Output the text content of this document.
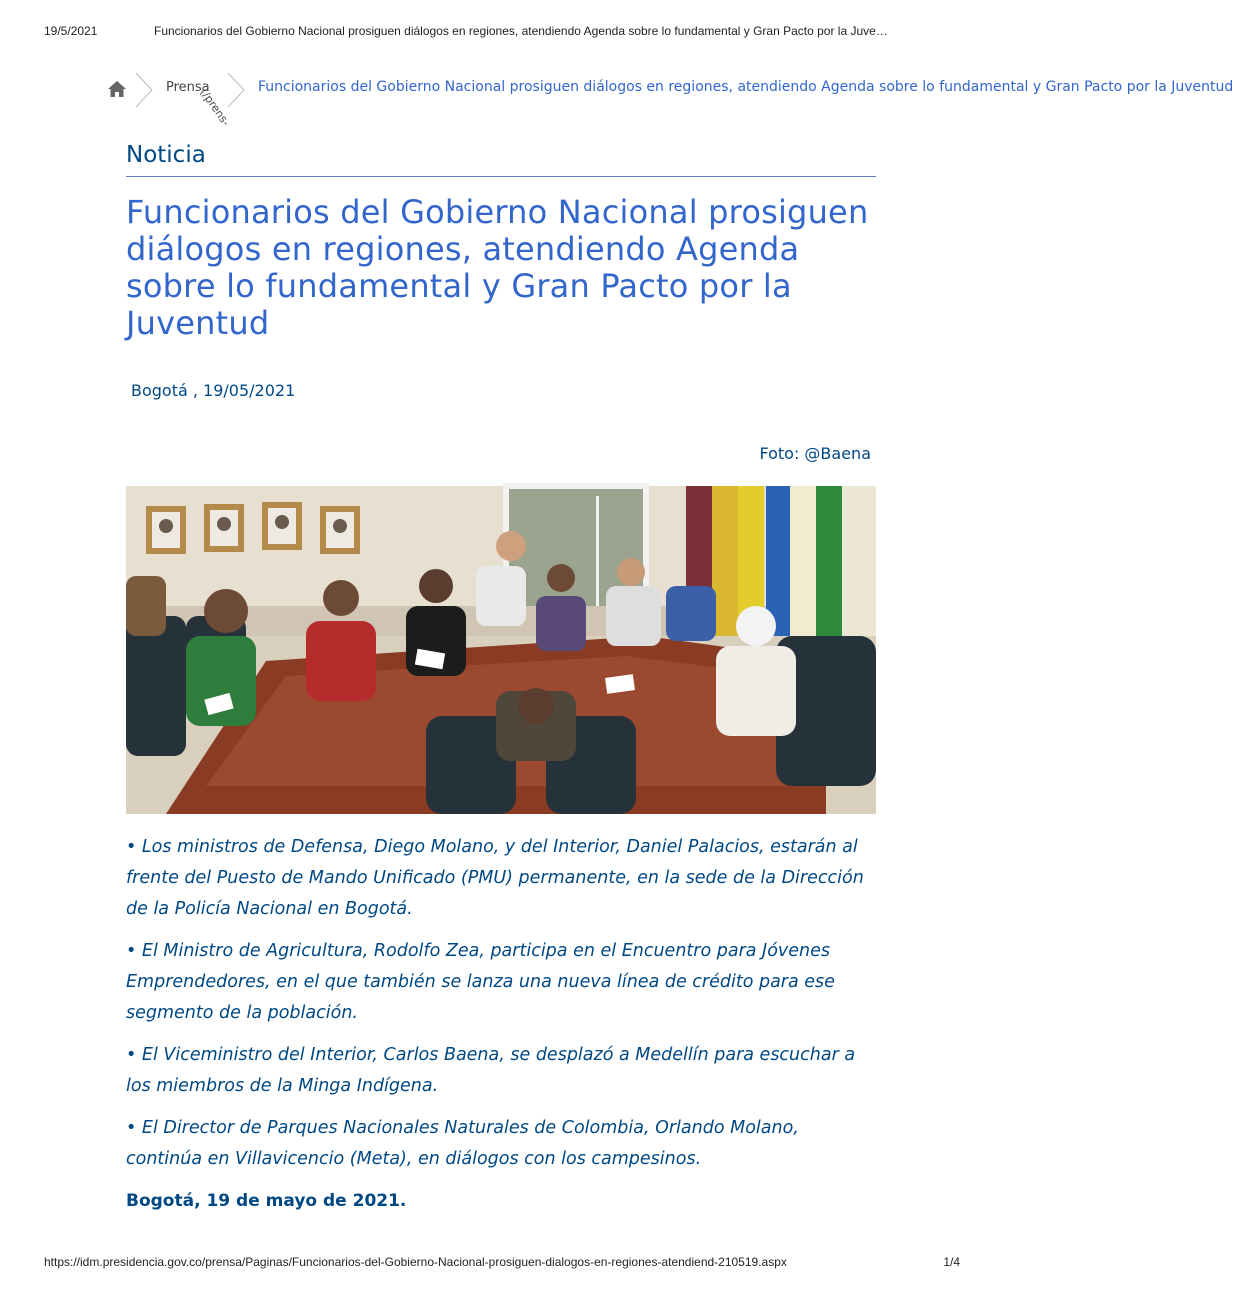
19/5/2021	Funcionarios del Gobierno Nacional prosiguen diálogos en regiones, atendiendo Agenda sobre lo fundamental y Gran Pacto por la Juve…
Prensa
(/prens- Funcionarios del Gobierno Nacional prosiguen diálogos en regiones, atendiendo Agenda sobre lo fundamental y Gran Pacto por la Juventud
Noticia
Funcionarios del Gobierno Nacional prosiguen diálogos en regiones, atendiendo Agenda sobre lo fundamental y Gran Pacto por la Juventud
Bogotá , 19/05/2021
Foto: @Baena
• Los ministros de Defensa, Diego Molano, y del Interior, Daniel Palacios, estarán al frente del Puesto de Mando Unificado (PMU) permanente, en la sede de la Dirección de la Policía Nacional en Bogotá.
• El Ministro de Agricultura, Rodolfo Zea, participa en el Encuentro para Jóvenes Emprendedores, en el que también se lanza una nueva línea de crédito para ese segmento de la población.
• El Viceministro del Interior, Carlos Baena, se desplazó a Medellín para escuchar a los miembros de la Minga Indígena.
• El Director de Parques Nacionales Naturales de Colombia, Orlando Molano, continúa en Villavicencio (Meta), en diálogos con los campesinos.
Bogotá, 19 de mayo de 2021.
https://idm.presidencia.gov.co/prensa/Paginas/Funcionarios-del-Gobierno-Nacional-prosiguen-dialogos-en-regiones-atendiend-210519.aspx	1/4
